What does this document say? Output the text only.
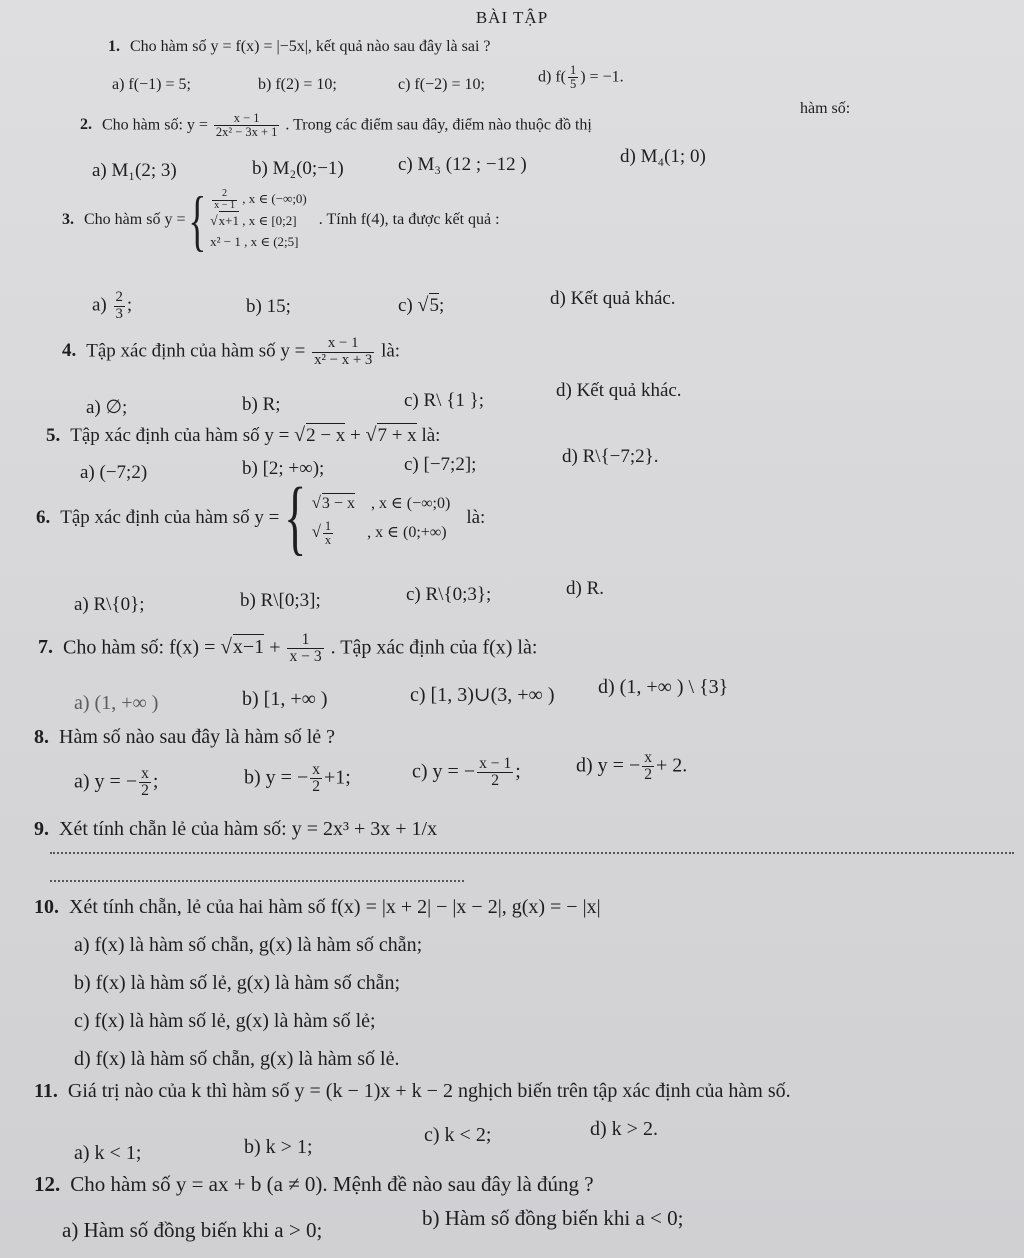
BÀI TẬP
1. Cho hàm số y = f(x) = |−5x|, kết quả nào sau đây là sai ?
a) f(−1) = 5;	b) f(2) = 10;	c) f(−2) = 10;	d) $f( \frac{1}{5}$ ) = −1.
2. Cho hàm số: $y = \frac{x - 1}{\text{2x² − 3x + 1}}$ . Trong các điểm sau đây, điểm nào thuộc đồ thị
hàm số:
a) M₁(2; 3)	b) M₂(0;−1)	c) M₃ (12 ; −12 )	d) M₄(1; 0)
3. Cho hàm số y = { $\frac{2}{x - 1}$ , x ∈ (−∞;0)
√x+1 , x ∈ [0;2]
x² − 1 , x ∈ (2;5]
. Tính f(4), ta được kết quả :
$a) \frac{2}{3}$ ;	b) 15;	c) √5;	d) Kết quả khác.
4. Tập xác định của hàm số $y = \frac{x - 1}{\text{x² − x + 3}}$ là:
a) ∅;	b) R;	c) R\ {1 };	d) Kết quả khác.
5. Tập xác định của hàm số y = √2 − x + √7 + x là:
a) (−7;2)	b) [2; +∞);	c) [−7;2];	d) R\{−7;2}.
6. Tập xác định của hàm số y = { √3 − x , x ∈ (−∞;0)
√ $\frac{1}{x}$ , x ∈ (0;+∞)
là:
a) R\{0};	b) R\[0;3];	c) R\{0;3};	d) R.
7. Cho hàm số: $f(x) = √x-1 + \frac{1}{x - 3}$ . Tập xác định của f(x) là:
a) (1, +∞ )	b) [1, +∞ )	c) [1, 3)∪(3, +∞ ) d) (1, +∞ ) \ {3}
8. Hàm số nào sau đây là hàm số lẻ ?
a) y = − $\frac{x}{2}$ ;	b) y = − $\frac{x}{2} +1$;	c) y = − $\frac{x - 1}{2}$ ;	d) y = − $\frac{x}{2} + 2$.
9. Xét tính chẵn lẻ của hàm số: y = 2x³ + 3x + 1/x
10. Xét tính chẵn, lẻ của hai hàm số f(x) = |x + 2| − |x − 2|, g(x) = − |x|
a) f(x) là hàm số chẵn, g(x) là hàm số chẵn;
b) f(x) là hàm số lẻ, g(x) là hàm số chẵn;
c) f(x) là hàm số lẻ, g(x) là hàm số lẻ;
d) f(x) là hàm số chẵn, g(x) là hàm số lẻ.
11. Giá trị nào của k thì hàm số y = (k − 1)x + k − 2 nghịch biến trên tập xác định của hàm số.
a) k < 1;	b) k > 1;
c) k < 2;	d) k > 2.
12. Cho hàm số y = ax + b (a ≠ 0). Mệnh đề nào sau đây là đúng ?
a) Hàm số đồng biến khi a > 0;	b) Hàm số đồng biến khi a < 0;
